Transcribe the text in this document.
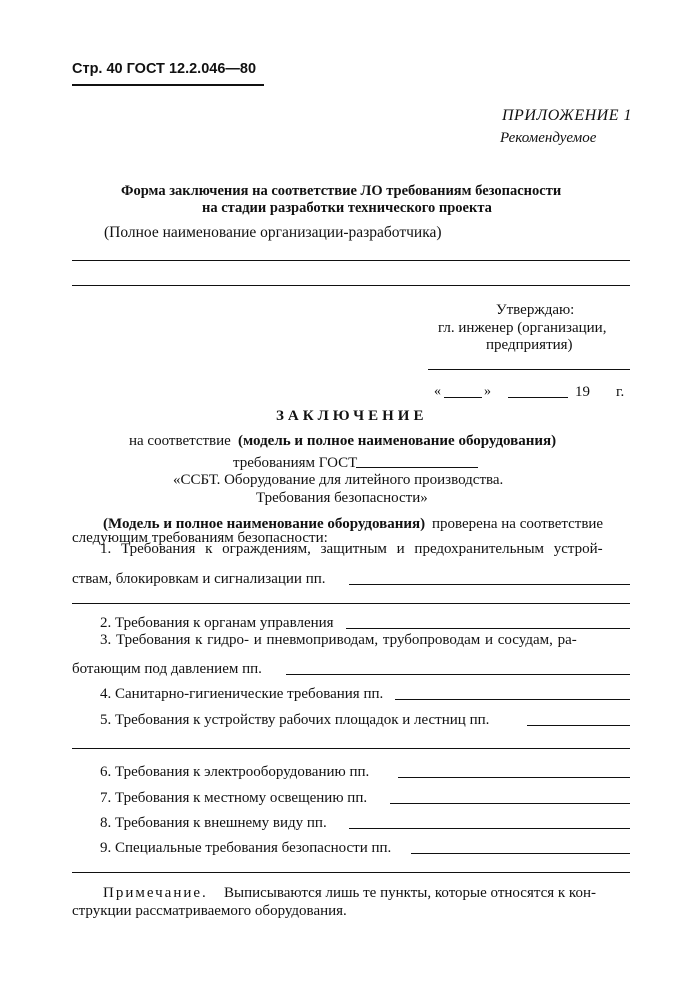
Стр. 40 ГОСТ 12.2.046—80
ПРИЛОЖЕНИЕ 1
Рекомендуемое
Форма заключения на соответствие ЛО требованиям безопасности
на стадии разработки технического проекта
(Полное наименование организации-разработчика)
Утверждаю:
гл. инженер (организации,
предприятия)
«	»	19 г.
ЗАКЛЮЧЕНИЕ
на соответствие (модель и полное наименование оборудования)
требованиям ГОСТ
«ССБТ. Оборудование для литейного производства.
Требования безопасности»
(Модель и полное наименование оборудования) проверена на соответствие
следующим требованиям безопасности:
1. Требования к ограждениям, защитным и предохранительным устрой-
ствам, блокировкам и сигнализации пп.
2. Требования к органам управления
3. Требования к гидро- и пневмоприводам, трубопроводам и сосудам, ра-
ботающим под давлением пп.
4. Санитарно-гигиенические требования пп.
5. Требования к устройству рабочих площадок и лестниц пп.
6. Требования к электрооборудованию пп.
7. Требования к местному освещению пп.
8. Требования к внешнему виду пп.
9. Специальные требования безопасности пп.
Примечание. Выписываются лишь те пункты, которые относятся к кон-
струкции рассматриваемого оборудования.
